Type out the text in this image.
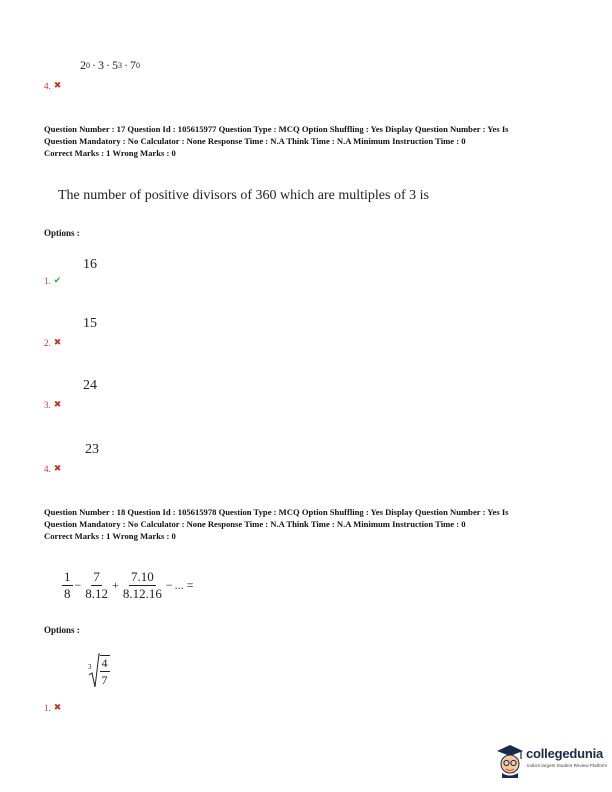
2 0 · 3 · 5 3 · 7 0
4. ✖
Question Number : 17 Question Id : 105615977 Question Type : MCQ Option Shuffling : Yes Display Question Number : Yes Is
Question Mandatory : No Calculator : None Response Time : N.A Think Time : N.A Minimum Instruction Time : 0
Correct Marks : 1 Wrong Marks : 0
The number of positive divisors of 360 which are multiples of 3 is
Options :
16
1. ✔
15
2. ✖
24
3. ✖
23
4. ✖
Question Number : 18 Question Id : 105615978 Question Type : MCQ Option Shuffling : Yes Display Question Number : Yes Is
Question Mandatory : No Calculator : None Response Time : N.A Think Time : N.A Minimum Instruction Time : 0
Correct Marks : 1 Wrong Marks : 0
$\frac{1}{8} - \frac{7}{8.12} + \frac{7.10}{8.12.16}$ − ... =
Options :
$3 \frac{4}{7}$
1. ✖
collegedunia
India's largest Student Review Platform
